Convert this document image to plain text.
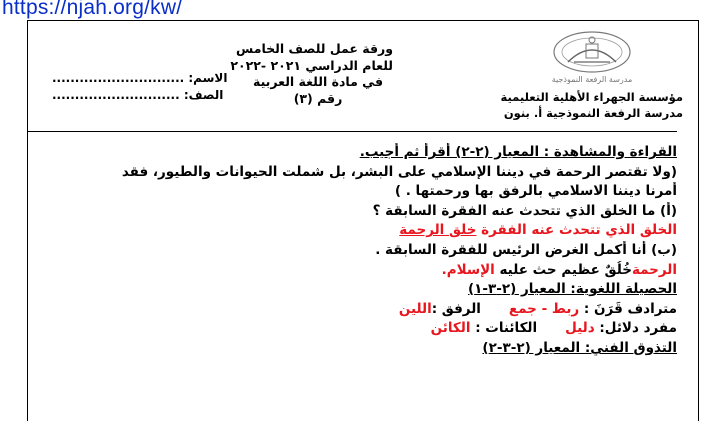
https://njah.org/kw/
مدرسة الرفعة النموذجية
ورقة عمل للصف الخامس
للعام الدراسي ٢٠٢١ -٢٠٢٢
في مادة اللغة العربية
رقم (٣)	مؤسسة الجهراء الأهلية التعليمية
مدرسة الرفعة النموذجية أ. بنون
الاسم: .............................
الصف: ............................
القراءة والمشاهدة : المعيار (٢-٢) أقرأ ثم أجيب.
(ولا تقتصر الرحمة في ديننا الإسلامي على البشر، بل شملت الحيوانات والطيور، فقد
أمرنا ديننا الاسلامي بالرفق بها ورحمتها . )
(أ) ما الخلق الذي تتحدث عنه الفقرة السابقة ؟
الخلق الذي تتحدث عنه الفقرة خلق الرحمة
(ب) أنا أكمل الغرض الرئيس للفقرة السابقة .
الرحمةخُلُقٌ عظيم حث عليه الإسلام.
الحصيلة اللغوية: المعيار (٢-٣-١)
مترادف قَرَنَ : ربط - جمعالرفق :اللين
مفرد دلائل: دليلالكائنات : الكائن
التذوق الفني: المعيار (٢-٣-٢)
